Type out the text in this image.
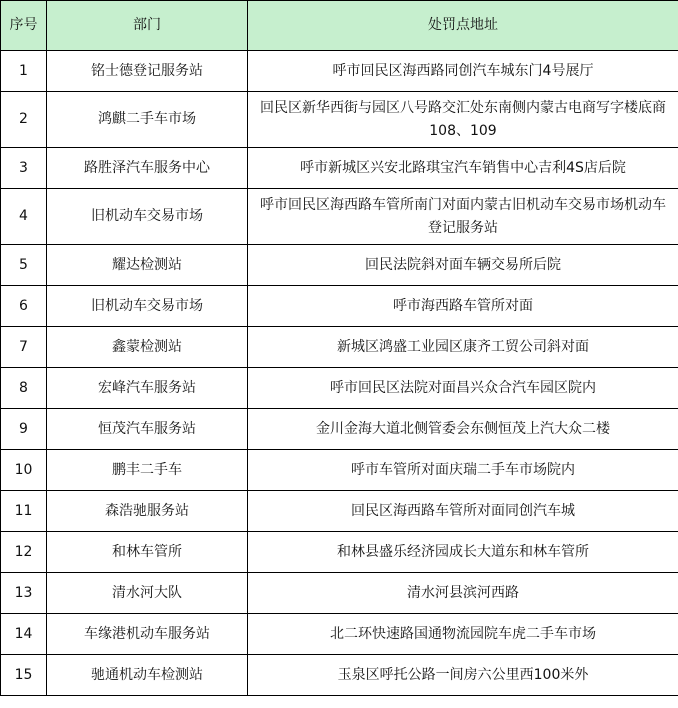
序号	部门	处罚点地址
1	铭士德登记服务站	呼市回民区海西路同创汽车城东门4号展厅
2	鸿麒二手车市场	回民区新华西街与园区八号路交汇处东南侧内蒙古电商写字楼底商108、109
3	路胜泽汽车服务中心	呼市新城区兴安北路琪宝汽车销售中心吉利4S店后院
4	旧机动车交易市场	呼市回民区海西路车管所南门对面内蒙古旧机动车交易市场机动车登记服务站
5	耀达检测站	回民法院斜对面车辆交易所后院
6	旧机动车交易市场	呼市海西路车管所对面
7	鑫蒙检测站	新城区鸿盛工业园区康齐工贸公司斜对面
8	宏峰汽车服务站	呼市回民区法院对面昌兴众合汽车园区院内
9	恒茂汽车服务站	金川金海大道北侧管委会东侧恒茂上汽大众二楼
10	鹏丰二手车	呼市车管所对面庆瑞二手车市场院内
11	森浩驰服务站	回民区海西路车管所对面同创汽车城
12	和林车管所	和林县盛乐经济园成长大道东和林车管所
13	清水河大队	清水河县滨河西路
14	车缘港机动车服务站	北二环快速路国通物流园院车虎二手车市场
15	驰通机动车检测站	玉泉区呼托公路一间房六公里西100米外
